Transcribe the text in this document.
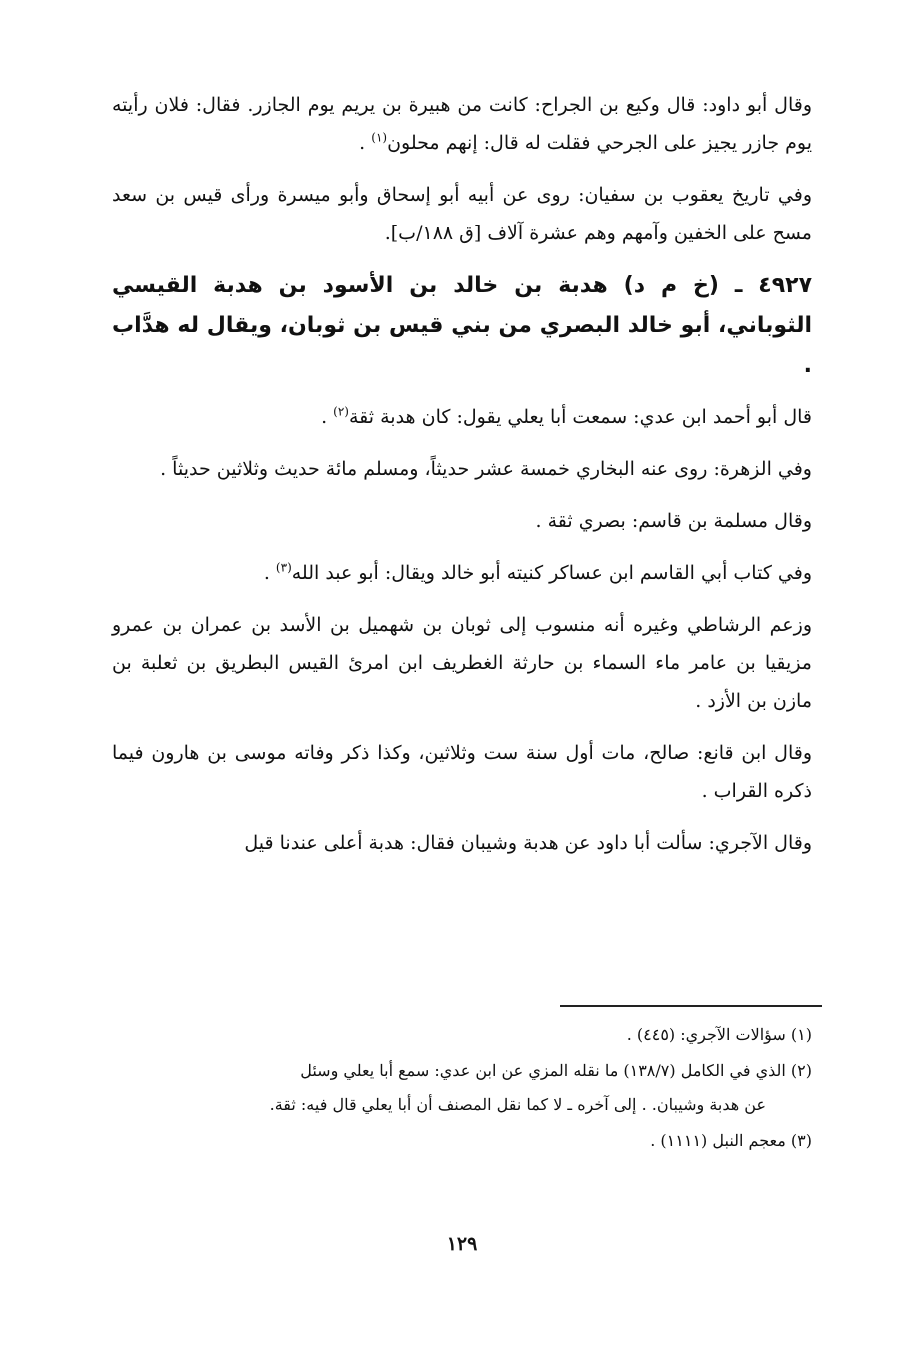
وقال أبو داود: قال وكيع بن الجراح: كانت من هبيرة بن يريم يوم الجازر. فقال: فلان رأيته يوم جازر يجيز على الجرحي فقلت له قال: إنهم محلون$^{(١)}$ .

وفي تاريخ يعقوب بن سفيان: روى عن أبيه أبو إسحاق وأبو ميسرة ورأى قيس بن سعد مسح على الخفين وآمهم وهم عشرة آلاف [ق ١٨٨/ب].

٤٩٢٧ ـ (خ م د) هدبة بن خالد بن الأسود بن هدبة القيسي الثوباني، أبو خالد البصري من بني قيس بن ثوبان، ويقال له هدَّاب .

قال أبو أحمد ابن عدي: سمعت أبا يعلي يقول: كان هدبة ثقة$^{(٢)}$ .

وفي الزهرة: روى عنه البخاري خمسة عشر حديثاً، ومسلم مائة حديث وثلاثين حديثاً .

وقال مسلمة بن قاسم: بصري ثقة .

وفي كتاب أبي القاسم ابن عساكر كنيته أبو خالد ويقال: أبو عبد الله$^{(٣)}$ .

وزعم الرشاطي وغيره أنه منسوب إلى ثوبان بن شهميل بن الأسد بن عمران بن عمرو مزيقيا بن عامر ماء السماء بن حارثة الغطريف ابن امرئ القيس البطريق بن ثعلبة بن مازن بن الأزد .

وقال ابن قانع: صالح، مات أول سنة ست وثلاثين، وكذا ذكر وفاته موسى بن هارون فيما ذكره القراب .

وقال الآجري: سألت أبا داود عن هدبة وشيبان فقال: هدبة أعلى عندنا قيل

(١) سؤالات الآجري: (٤٤٥) .
(٢) الذي في الكامل (١٣٨/٧) ما نقله المزي عن ابن عدي: سمع أبا يعلي وسئل
عن هدبة وشيبان. . إلى آخره ـ لا كما نقل المصنف أن أبا يعلي قال فيه: ثقة.
(٣) معجم النبل (١١١١) .
١٢٩
